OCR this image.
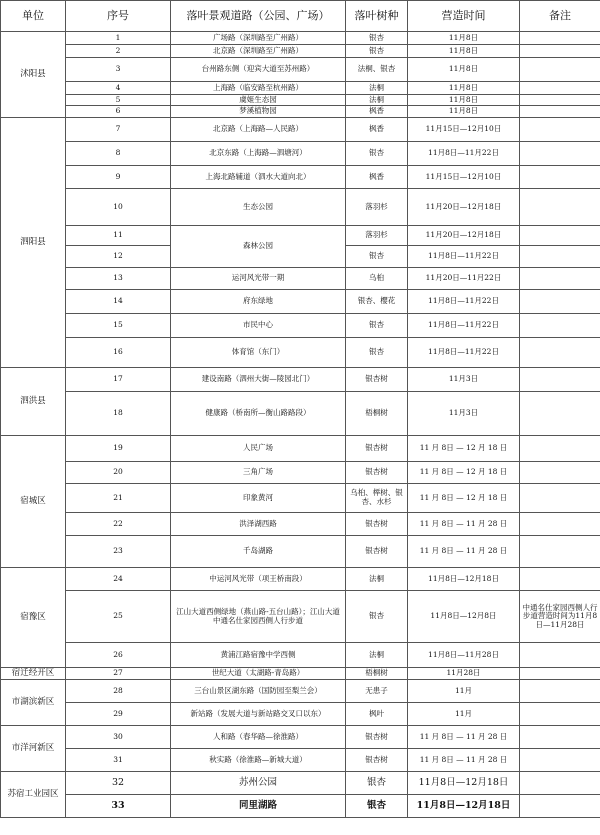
单位	序号	落叶景观道路（公园、广场）	落叶树种	营造时间	备注
沭阳县	1	广场路（深圳路至广州路）	银杏	11月8日	
	2	北京路（深圳路至广州路）	银杏	11月8日	
	3	台州路东侧（迎宾大道至苏州路）	法桐、银杏	11月8日	
	4	上海路（临安路至杭州路）	法桐	11月8日	
	5	虞姬生态园	法桐	11月8日	
	6	梦溪植物园	枫香	11月8日	
泗阳县	7	北京路（上海路—人民路）	枫香	11月15日—12月10日	
	8	北京东路（上海路—泗塘河）	银杏	11月8日—11月22日	
	9	上海北路辅道（泗水大道向北）	枫香	11月15日—12月10日	
	10	生态公园	落羽杉	11月20日—12月18日	
	11	森林公园	落羽杉	11月20日—12月18日	
	12		银杏	11月8日—11月22日	
	13	运河风光带一期	乌桕	11月20日—11月22日	
	14	府东绿地	银杏、樱花	11月8日—11月22日	
	15	市民中心	银杏	11月8日—11月22日	
	16	体育馆（东门）	银杏	11月8日—11月22日	
泗洪县	17	建设南路（泗州大街—陵园北门）	银杏树	11月3日	
	18	健康路（桥南所—衡山路路段）	梧桐树	11月3日	
宿城区	19	人民广场	银杏树	11 月 8日 — 12 月 18 日	
	20	三角广场	银杏树	11 月 8日 — 12 月 18 日	
	21	印象黄河	乌桕、榉树、银杏、水杉	11 月 8日 — 12 月 18 日	
	22	洪泽湖西路	银杏树	11 月 8日 — 11 月 28 日	
	23	千岛湖路	银杏树	11 月 8日 — 11 月 28 日	
宿豫区	24	中运河风光带（项王桥南段）	法桐	11月8日—12月18日	
	25	江山大道西侧绿地（燕山路-五台山路）；江山大道中通名仕家园西侧人行步道	银杏	11月8日—12月8日	中通名仕家园西侧人行步道营造时间为11月8日—11月28日
	26	黄浦江路宿豫中学西侧	法桐	11月8日—11月28日	
宿迁经开区	27	世纪大道（太湖路-青岛路）	梧桐树	11月28日	
市湖滨新区	28	三台山景区湖东路（国防园至梨兰会）	无患子	11月	
	29	新站路（发展大道与新站路交叉口以东）	枫叶	11月	
市洋河新区	30	人和路（春华路—徐淮路）	银杏树	11 月 8日 — 11 月 28 日	
	31	秋实路（徐淮路—新城大道）	银杏树	11 月 8日 — 11 月 28 日	
苏宿工业园区	32	苏州公园	银杏	11月8日—12月18日	
	33	同里湖路	银杏	11月8日—12月18日	
